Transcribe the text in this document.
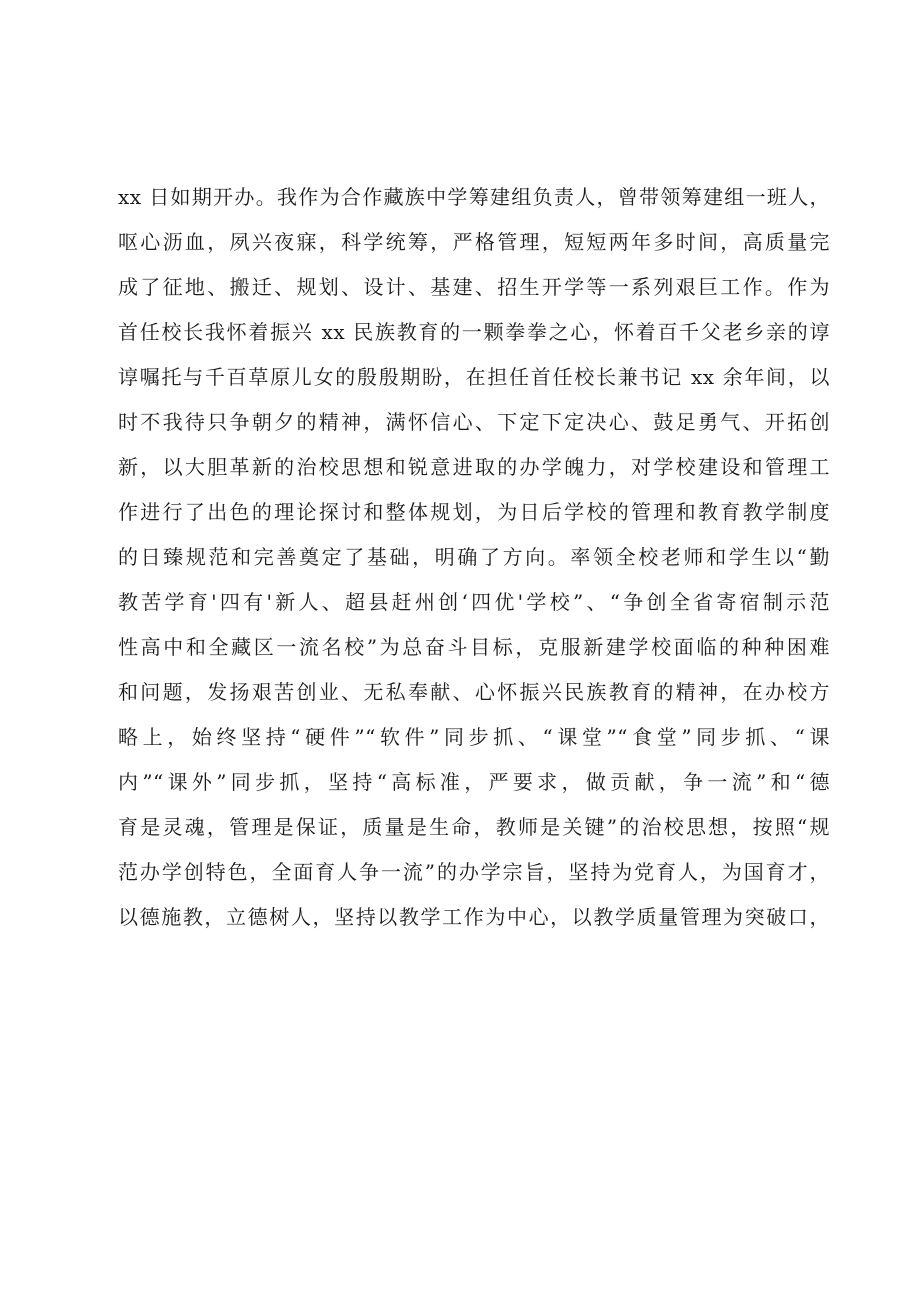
xx 日如期开办。我作为合作藏族中学筹建组负责人，曾带领筹建组一班人，
呕心沥血，夙兴夜寐，科学统筹，严格管理，短短两年多时间，高质量完
成了征地、搬迁、规划、设计、基建、招生开学等一系列艰巨工作。作为
首任校长我怀着振兴 xx 民族教育的一颗拳拳之心，怀着百千父老乡亲的谆
谆嘱托与千百草原儿女的殷殷期盼，在担任首任校长兼书记 xx 余年间，以
时不我待只争朝夕的精神，满怀信心、下定下定决心、鼓足勇气、开拓创
新，以大胆革新的治校思想和锐意进取的办学魄力，对学校建设和管理工
作进行了出色的理论探讨和整体规划，为日后学校的管理和教育教学制度
的日臻规范和完善奠定了基础，明确了方向。率领全校老师和学生以“勤
教苦学育'四有'新人、超县赶州创‘四优'学校”、“争创全省寄宿制示范
性高中和全藏区一流名校”为总奋斗目标，克服新建学校面临的种种困难
和问题，发扬艰苦创业、无私奉献、心怀振兴民族教育的精神，在办校方
略上，始终坚持“硬件”“软件”同步抓、“课堂”“食堂”同步抓、“课
内”“课外”同步抓，坚持“高标准，严要求，做贡献，争一流”和“德
育是灵魂，管理是保证，质量是生命，教师是关键”的治校思想，按照“规
范办学创特色，全面育人争一流”的办学宗旨，坚持为党育人，为国育才，
以德施教，立德树人，坚持以教学工作为中心，以教学质量管理为突破口，
